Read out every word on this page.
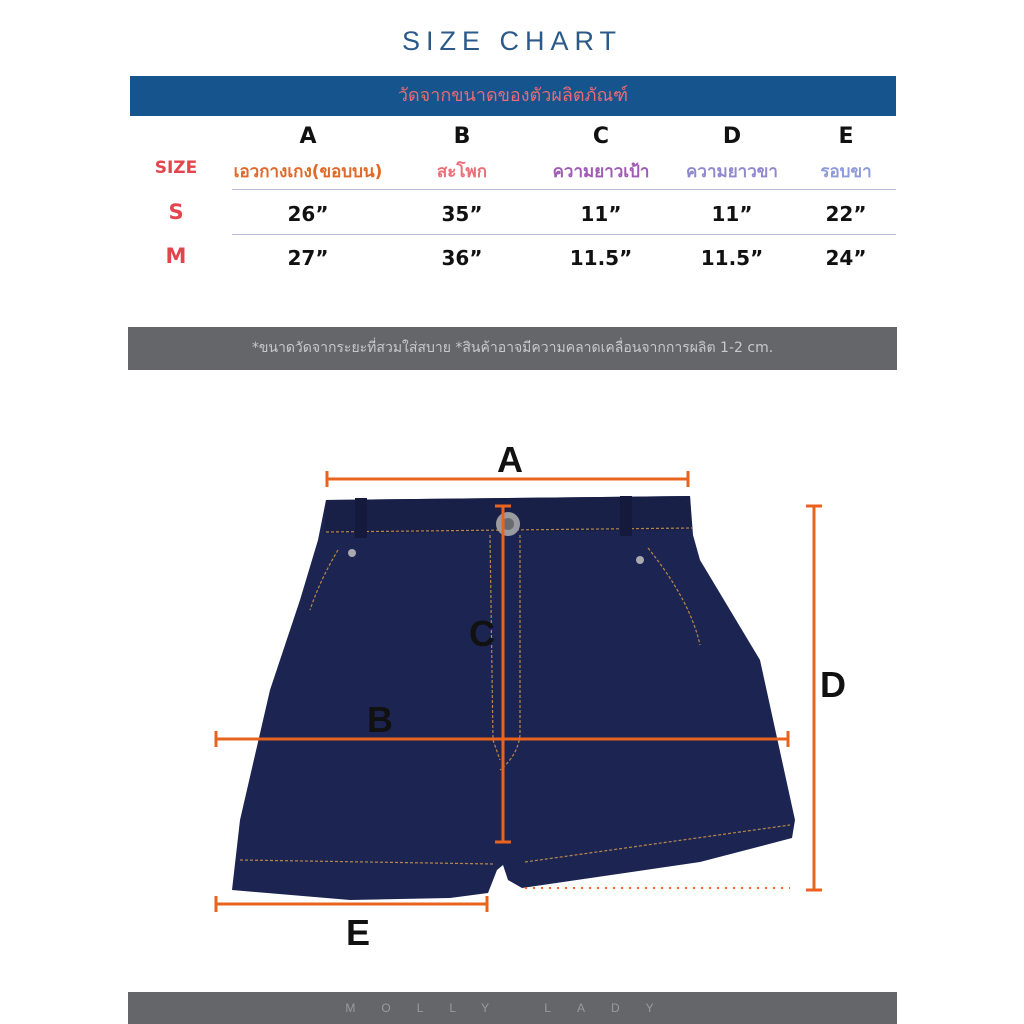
SIZE CHART
วัดจากขนาดของตัวผลิตภัณฑ์
A	B	C	D	E
SIZE	เอวกางเกง(ขอบบน)	สะโพก	ความยาวเป้า	ความยาวขา	รอบขา
S	26”	35”	11”	11”	22”
M	27”	36”	11.5”	11.5”	24”
*ขนาดวัดจากระยะที่สวมใส่สบาย *สินค้าอาจมีความคลาดเคลื่อนจากการผลิต 1-2 cm.
A
B
C
D
E
MOLLY LADY
